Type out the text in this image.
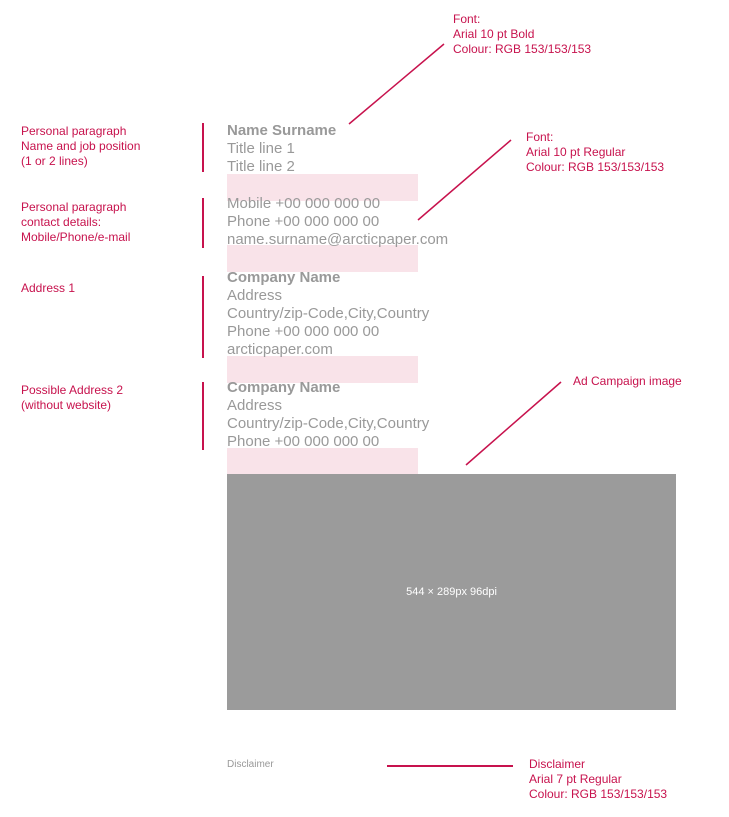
Font:
Arial 10 pt Bold
Colour: RGB 153/153/153
Font:
Arial 10 pt Regular
Colour: RGB 153/153/153
Personal paragraph
Name and job position
(1 or 2 lines)
Personal paragraph
contact details:
Mobile/Phone/e-mail
Address 1
Possible Address 2
(without website)
Ad Campaign image
Disclaimer
Arial 7 pt Regular
Colour: RGB 153/153/153
Name Surname
Title line 1
Title line 2
Mobile +00 000 000 00
Phone +00 000 000 00
name.surname@arcticpaper.com
Company Name
Address
Country/zip-Code,City,Country
Phone +00 000 000 00
arcticpaper.com
Company Name
Address
Country/zip-Code,City,Country
Phone +00 000 000 00
544 × 289px 96dpi
Disclaimer
